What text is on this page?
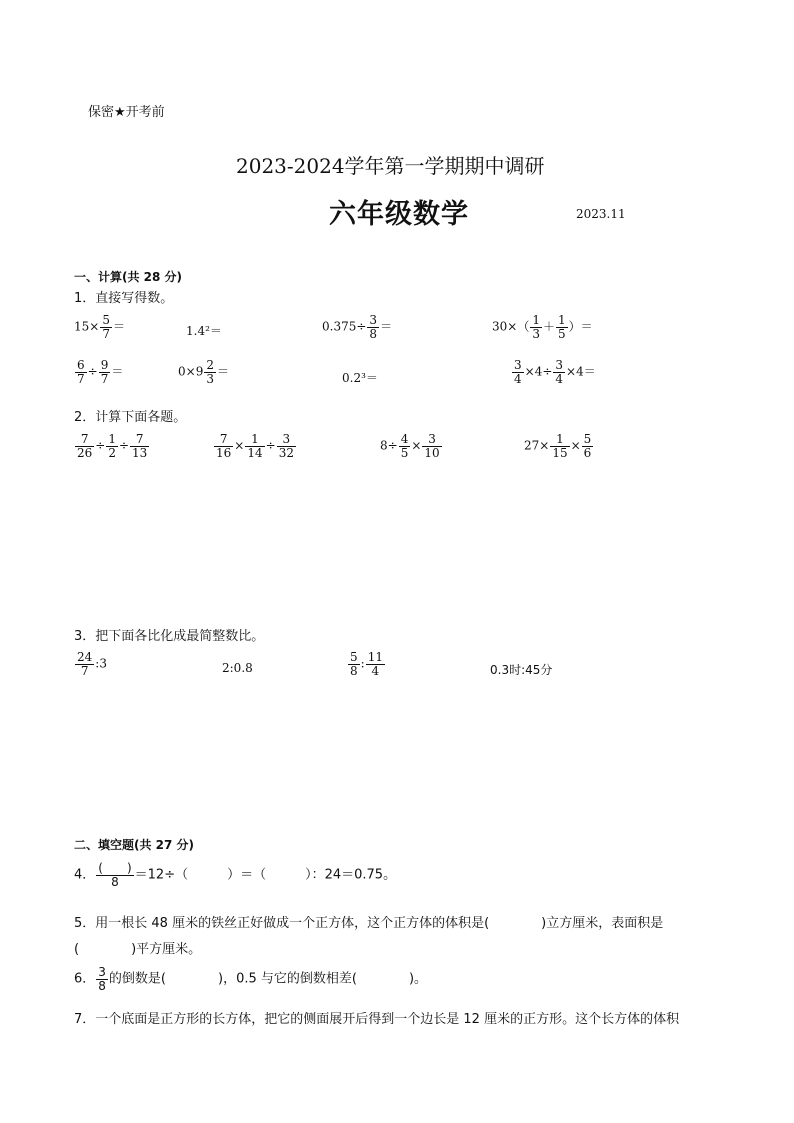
保密★开考前
2023-2024学年第一学期期中调研
六年级数学	2023.11
一、计算(共 28 分)
1．直接写得数。
$15\times \frac{5}{7}$ ＝	1.4²＝	$0.375\div \frac{3}{8}$ ＝	$30\times( \frac{1}{3} + \frac{1}{5}$ ）＝
$\frac{6}{7} \div \frac{9}{7}$ ＝	$0\times 9 \frac{2}{3}$ ＝	0.2³＝	$\frac{3}{4} \times 4\div \frac{3}{4} \times 4=$
2．计算下面各题。
$\frac{7}{26} \div \frac{1}{2} \div \frac{7}{13}$	$\frac{7}{16} \times \frac{1}{14} \div \frac{3}{32}$	$8\div \frac{4}{5} \times \frac{3}{10}$	$27\times \frac{1}{15} \times \frac{5}{6}$
3．把下面各比化成最简整数比。
$\frac{24}{7}$ :3	2:0.8	$\frac{5}{8}$ : $\frac{11}{4}$	0.3时:45分
二、填空题(共 27 分)
4． $\frac{( )}{8} =12\div$（　　　）＝（　　　）：24＝0.75。
5．用一根长 48 厘米的铁丝正好做成一个正方体，这个正方体的体积是(　　　　)立方厘米，表面积是
(　　　　)平方厘米。
6． $\frac{3}{8}$ 的倒数是(　　　　)，0.5 与它的倒数相差(　　　　)。
7．一个底面是正方形的长方体，把它的侧面展开后得到一个边长是 12 厘米的正方形。这个长方体的体积
